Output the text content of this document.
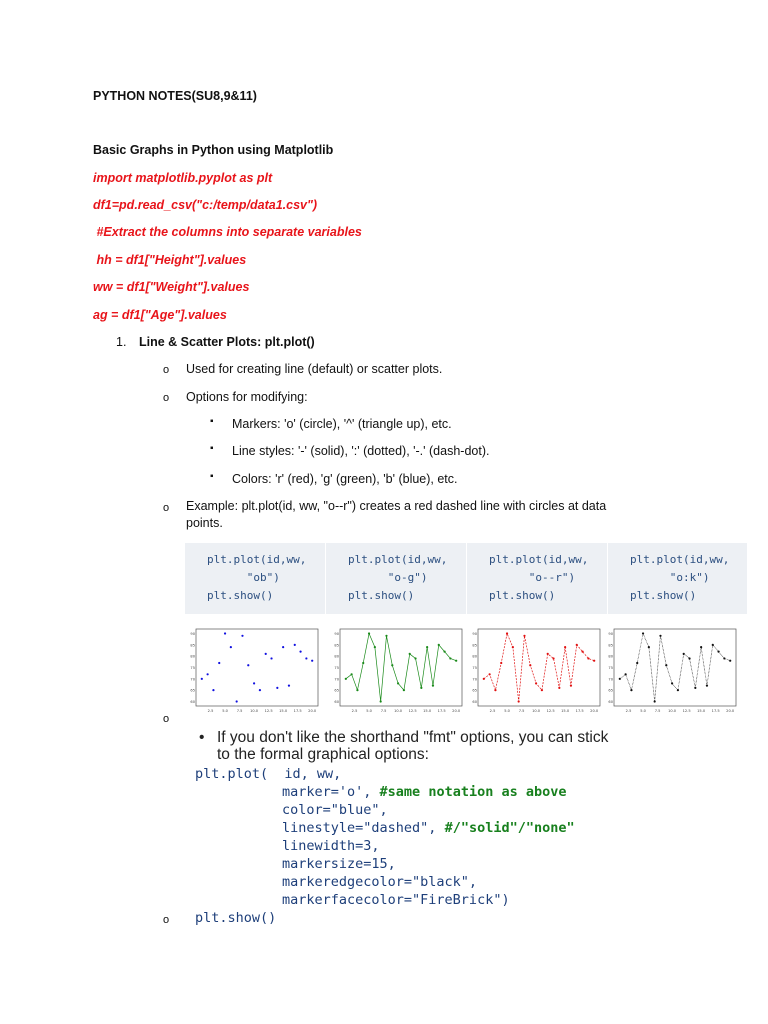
PYTHON NOTES(SU8,9&11)
Basic Graphs in Python using Matplotlib
import matplotlib.pyplot as plt
df1=pd.read_csv("c:/temp/data1.csv")
#Extract the columns into separate variables
hh = df1["Height"].values
ww = df1["Weight"].values
ag = df1["Age"].values
1. Line & Scatter Plots: plt.plot()
o Used for creating line (default) or scatter plots.
o Options for modifying:
▪ Markers: 'o' (circle), '^' (triangle up), etc.
▪ Line styles: '-' (solid), ':' (dotted), '-.' (dash-dot).
▪ Colors: 'r' (red), 'g' (green), 'b' (blue), etc.
o Example: plt.plot(id, ww, "o--r") creates a red dashed line with circles at data
points.
plt.plot(id,ww,
"ob")
plt.show()
plt.plot(id,ww,
"o-g")
plt.show()
plt.plot(id,ww,
"o--r")
plt.show()
plt.plot(id,ww,
"o:k")
plt.show()
60
65
70
75
80
85
90
2.5 5.0 7.5 10.0 12.5 15.0 17.5 20.0
60
65
70
75
80
85
90
2.5 5.0 7.5 10.0 12.5 15.0 17.5 20.0
60
65
70
75
80
85
90
2.5 5.0 7.5 10.0 12.5 15.0 17.5 20.0
60
65
70
75
80
85
90
2.5 5.0 7.5 10.0 12.5 15.0 17.5 20.0
o
• If you don't like the shorthand "fmt" options, you can stick
to the formal graphical options:
plt.plot(  id, ww,
marker='o', #same notation as above
color="blue",
linestyle="dashed", #/"solid"/"none"
linewidth=3,
markersize=15,
markeredgecolor="black",
markerfacecolor="FireBrick")
plt.show()
o
